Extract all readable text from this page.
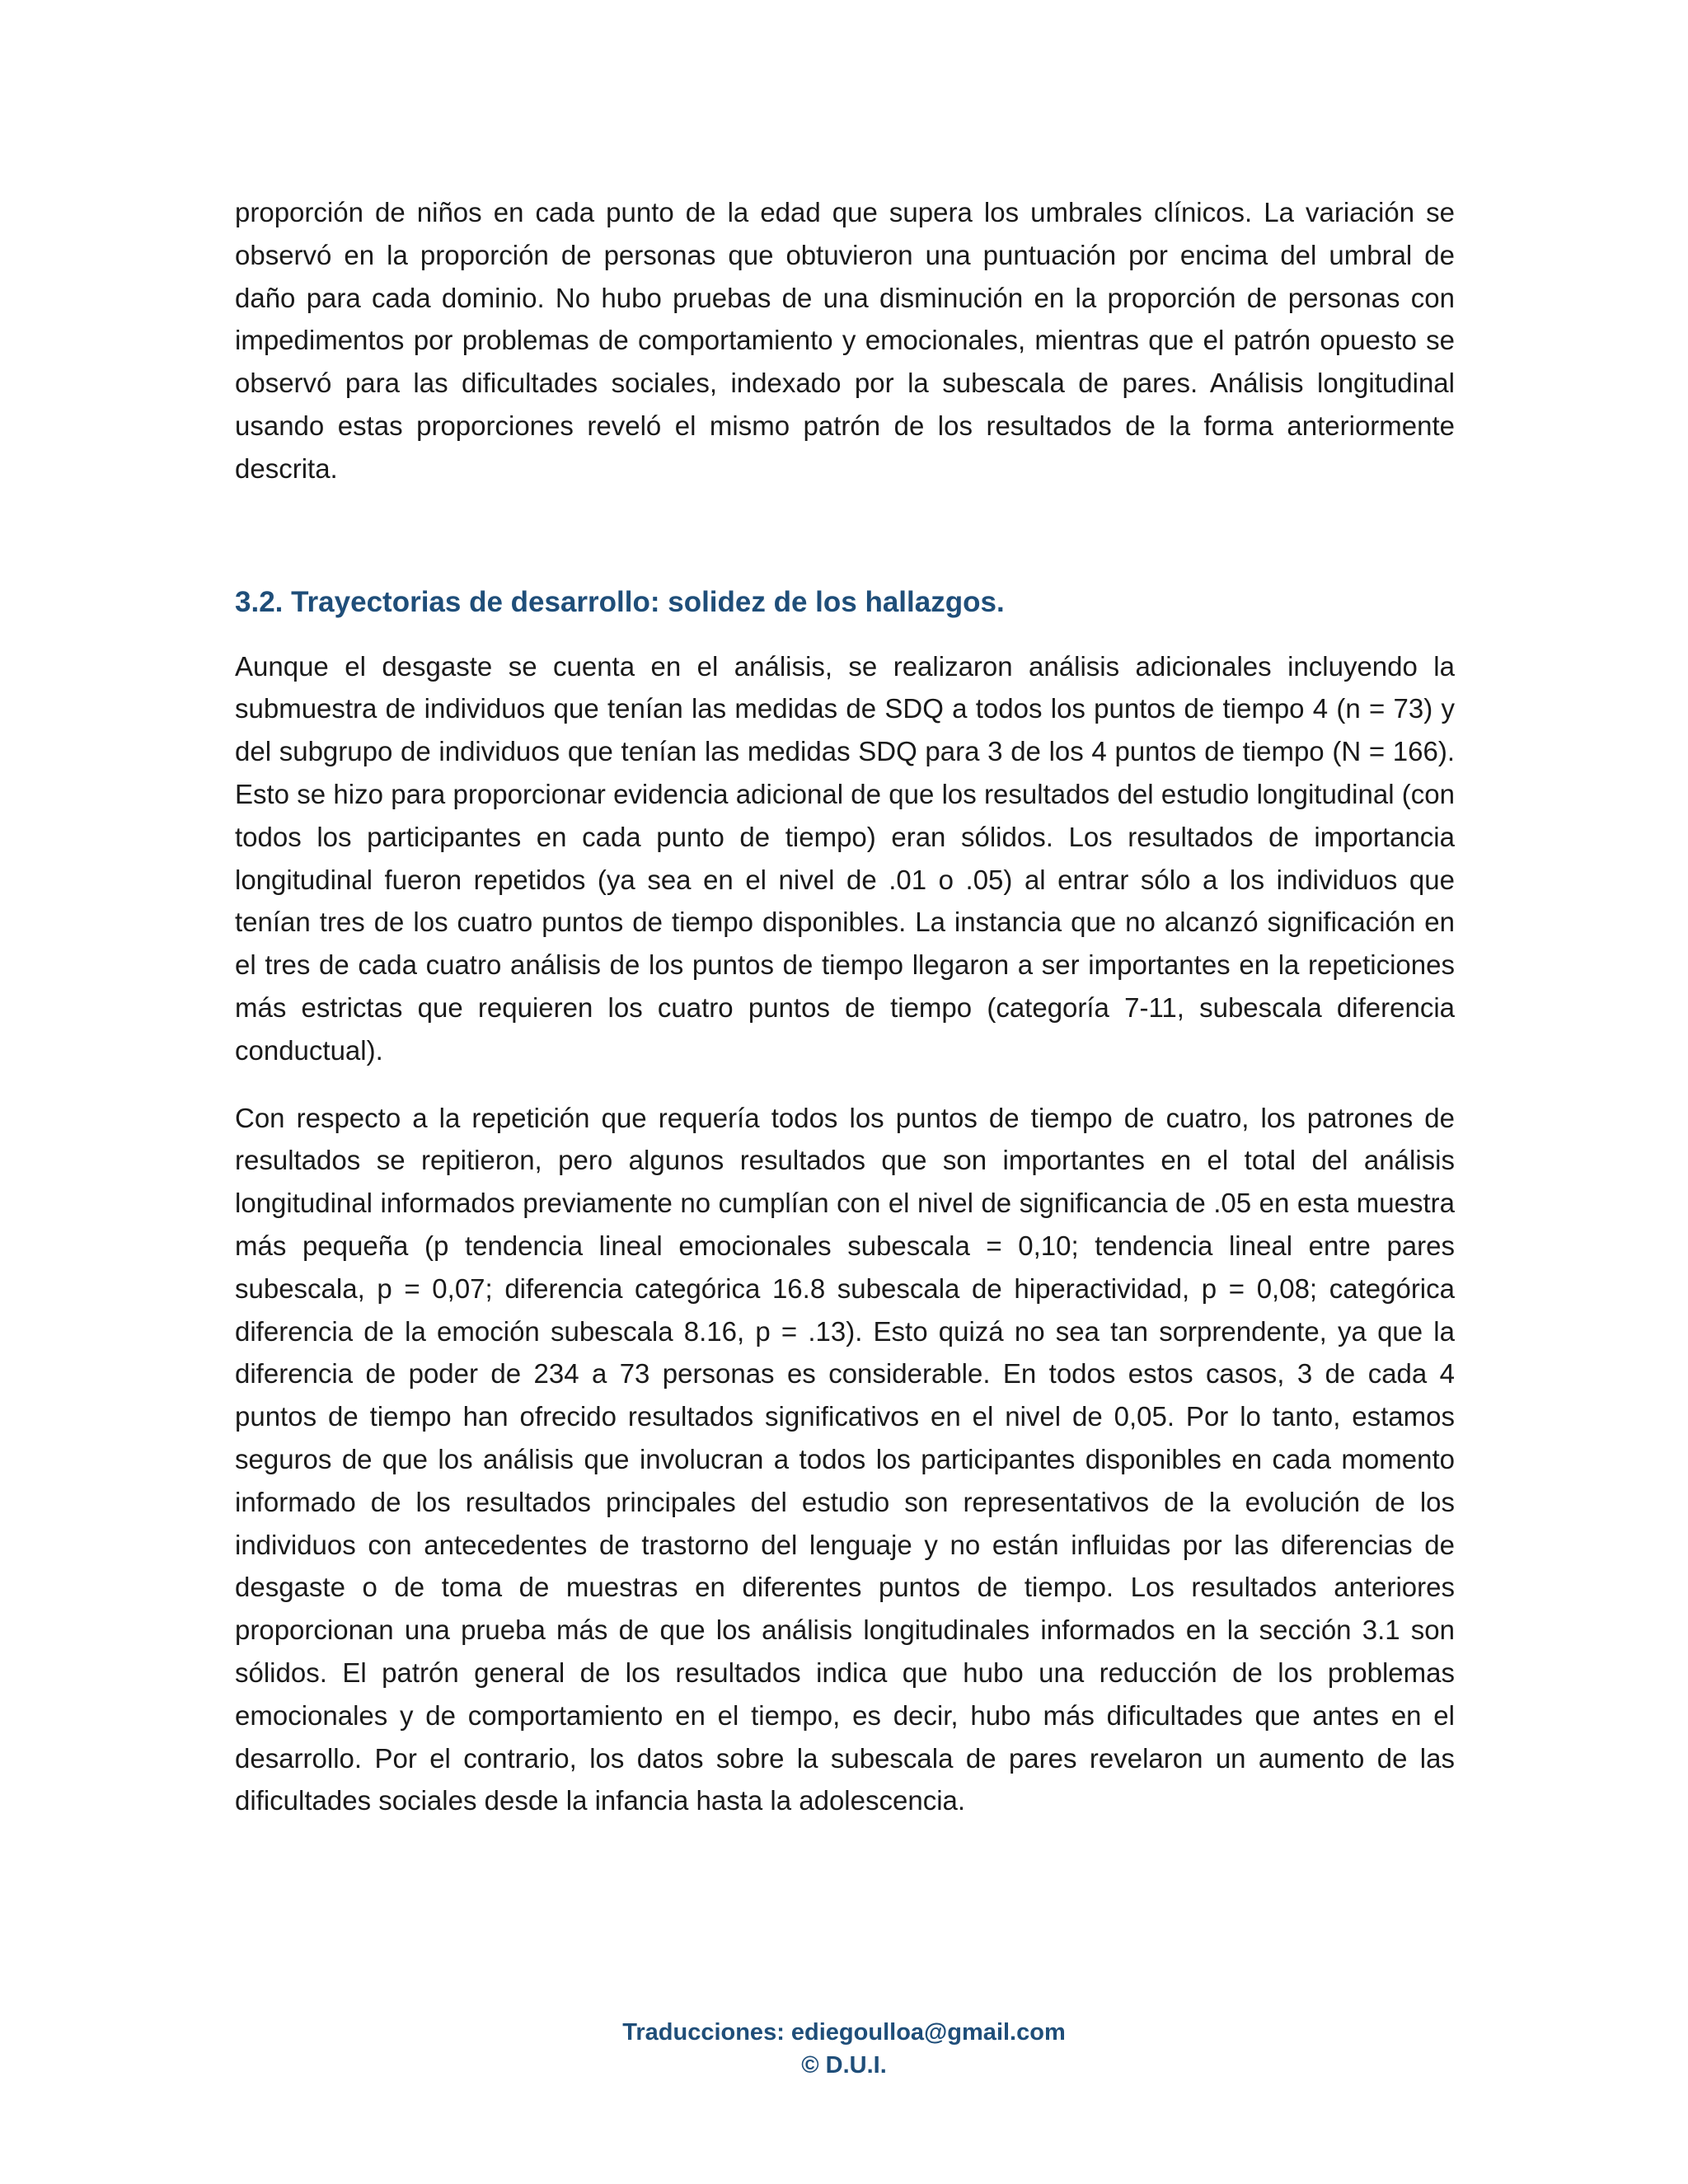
proporción de niños en cada punto de la edad que supera los umbrales clínicos. La variación se observó en la proporción de personas que obtuvieron una puntuación por encima del umbral de daño para cada dominio. No hubo pruebas de una disminución en la proporción de personas con impedimentos por problemas de comportamiento y emocionales, mientras que el patrón opuesto se observó para las dificultades sociales, indexado por la subescala de pares. Análisis longitudinal usando estas proporciones reveló el mismo patrón de los resultados de la forma anteriormente descrita.

3.2. Trayectorias de desarrollo: solidez de los hallazgos.

Aunque el desgaste se cuenta en el análisis, se realizaron análisis adicionales incluyendo la submuestra de individuos que tenían las medidas de SDQ a todos los puntos de tiempo 4 (n = 73) y del subgrupo de individuos que tenían las medidas SDQ para 3 de los 4 puntos de tiempo (N = 166). Esto se hizo para proporcionar evidencia adicional de que los resultados del estudio longitudinal (con todos los participantes en cada punto de tiempo) eran sólidos. Los resultados de importancia longitudinal fueron repetidos (ya sea en el nivel de .01 o .05) al entrar sólo a los individuos que tenían tres de los cuatro puntos de tiempo disponibles. La instancia que no alcanzó significación en el tres de cada cuatro análisis de los puntos de tiempo llegaron a ser importantes en la repeticiones más estrictas que requieren los cuatro puntos de tiempo (categoría 7-11, subescala diferencia conductual).

Con respecto a la repetición que requería todos los puntos de tiempo de cuatro, los patrones de resultados se repitieron, pero algunos resultados que son importantes en el total del análisis longitudinal informados previamente no cumplían con el nivel de significancia de .05 en esta muestra más pequeña (p tendencia lineal emocionales subescala = 0,10; tendencia lineal entre pares subescala, p = 0,07; diferencia categórica 16.8 subescala de hiperactividad, p = 0,08; categórica diferencia de la emoción subescala 8.16, p = .13). Esto quizá no sea tan sorprendente, ya que la diferencia de poder de 234 a 73 personas es considerable. En todos estos casos, 3 de cada 4 puntos de tiempo han ofrecido resultados significativos en el nivel de 0,05. Por lo tanto, estamos seguros de que los análisis que involucran a todos los participantes disponibles en cada momento informado de los resultados principales del estudio son representativos de la evolución de los individuos con antecedentes de trastorno del lenguaje y no están influidas por las diferencias de desgaste o de toma de muestras en diferentes puntos de tiempo. Los resultados anteriores proporcionan una prueba más de que los análisis longitudinales informados en la sección 3.1 son sólidos. El patrón general de los resultados indica que hubo una reducción de los problemas emocionales y de comportamiento en el tiempo, es decir, hubo más dificultades que antes en el desarrollo. Por el contrario, los datos sobre la subescala de pares revelaron un aumento de las dificultades sociales desde la infancia hasta la adolescencia.

Traducciones: ediegoulloa@gmail.com
© D.U.I.
